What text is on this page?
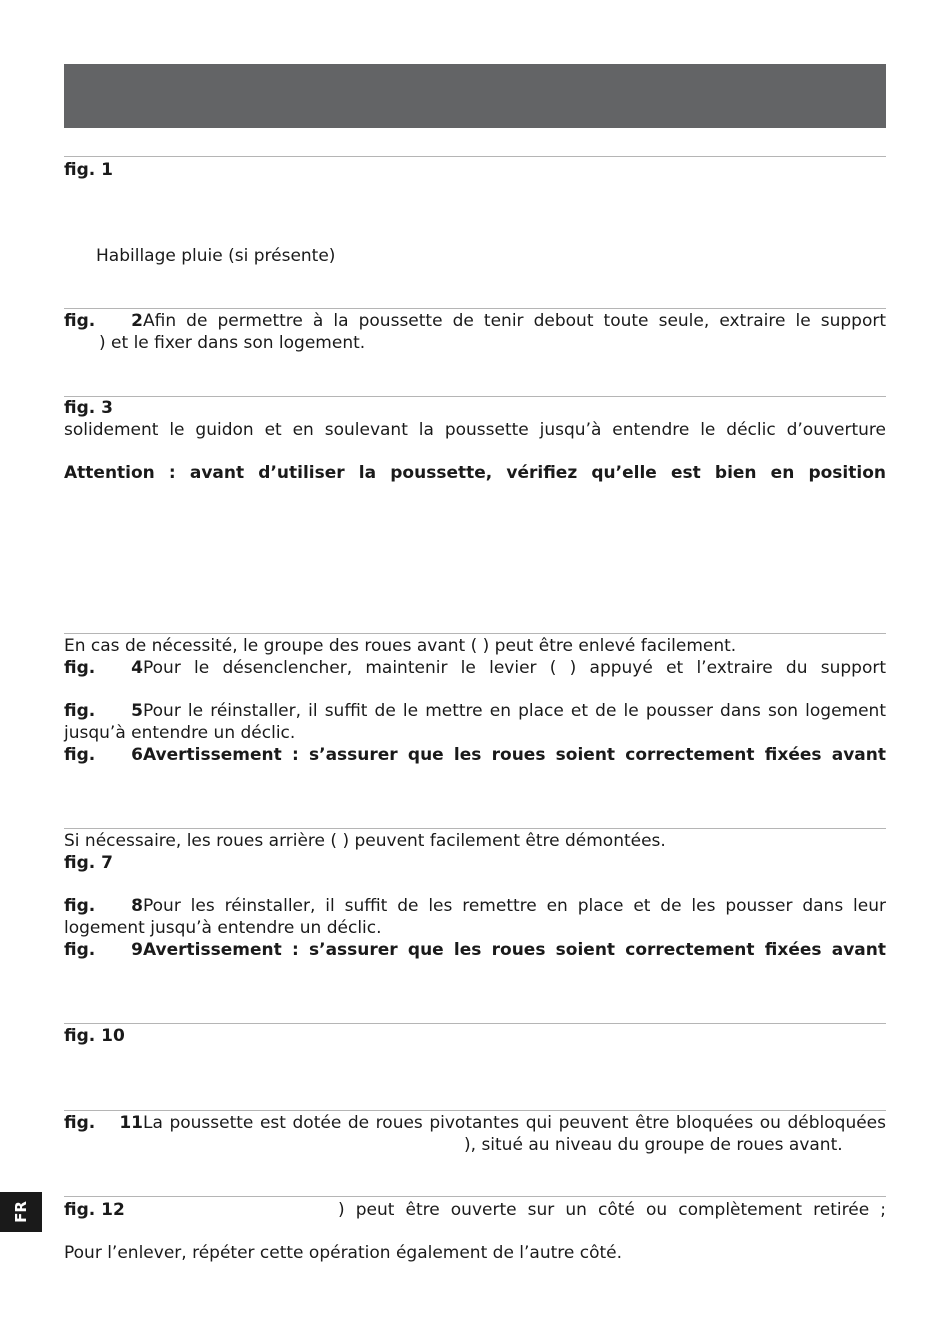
fig. 1
Habillage pluie (si présente)
fig. 2Afin de permettre à la poussette de tenir debout toute seule, extraire le support
) et le fixer dans son logement.
fig. 3
solidement le guidon et en soulevant la poussette jusqu’à entendre le déclic d’ouverture
Attention : avant d’utiliser la poussette, vérifiez qu’elle est bien en position
En cas de nécessité, le groupe des roues avant ( ) peut être enlevé facilement.
fig. 4Pour le désenclencher, maintenir le levier ( ) appuyé et l’extraire du support
fig. 5Pour le réinstaller, il suffit de le mettre en place et de le pousser dans son logement
jusqu’à entendre un déclic.
fig. 6Avertissement : s’assurer que les roues soient correctement fixées avant
Si nécessaire, les roues arrière ( ) peuvent facilement être démontées.
fig. 7
fig. 8Pour les réinstaller, il suffit de les remettre en place et de les pousser dans leur
logement jusqu’à entendre un déclic.
fig. 9Avertissement : s’assurer que les roues soient correctement fixées avant
fig. 10
fig. 11La poussette est dotée de roues pivotantes qui peuvent être bloquées ou débloquées
), situé au niveau du groupe de roues avant.
fig. 12	) peut être ouverte sur un côté ou complètement retirée ;
Pour l’enlever, répéter cette opération également de l’autre côté.
FR
